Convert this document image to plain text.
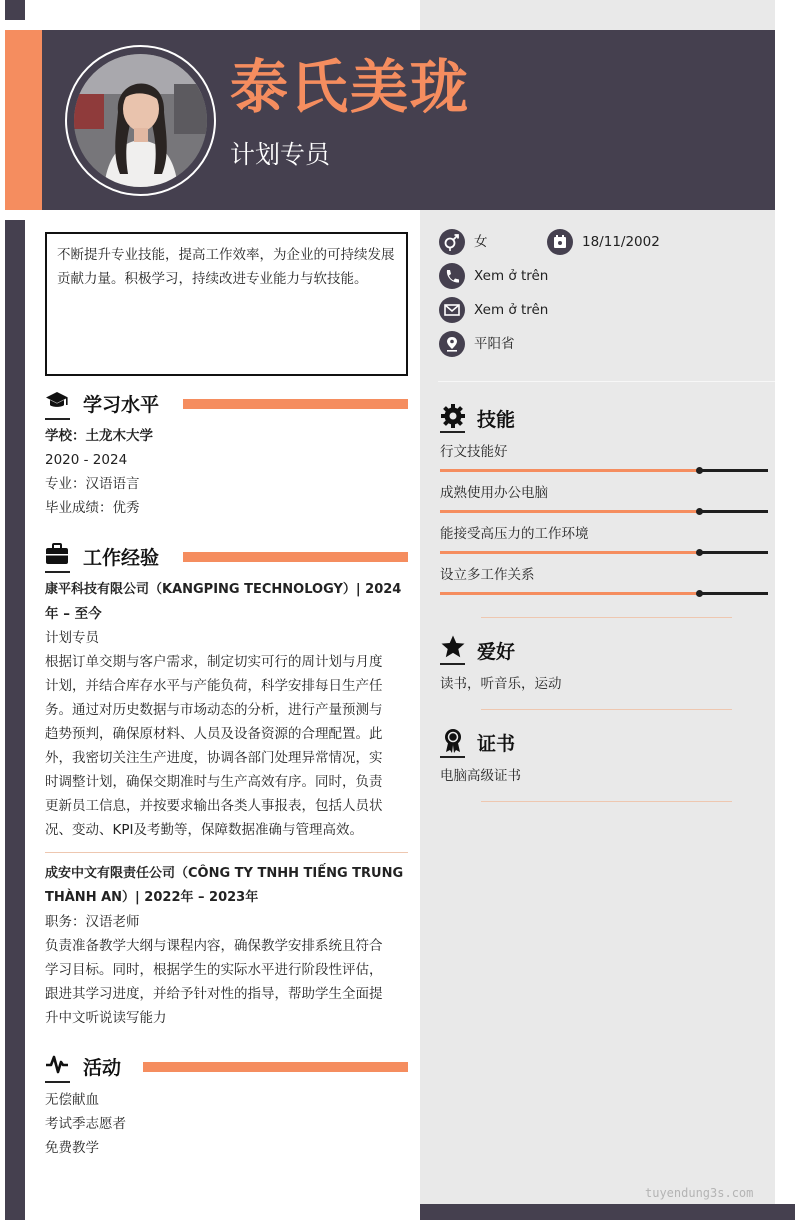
泰氏美珑
计划专员
不断提升专业技能，提高工作效率，为企业的可持续发展贡献力量。积极学习，持续改进专业能力与软技能。
学习水平
学校：土龙木大学
2020 - 2024
专业：汉语语言
毕业成绩：优秀
工作经验
康平科技有限公司（KANGPING TECHNOLOGY）| 2024
年 – 至今
计划专员
根据订单交期与客户需求，制定切实可行的周计划与月度
计划，并结合库存水平与产能负荷，科学安排每日生产任
务。通过对历史数据与市场动态的分析，进行产量预测与
趋势预判，确保原材料、人员及设备资源的合理配置。此
外，我密切关注生产进度，协调各部门处理异常情况，实
时调整计划，确保交期准时与生产高效有序。同时，负责
更新员工信息，并按要求输出各类人事报表，包括人员状
况、变动、KPI及考勤等，保障数据准确与管理高效。
成安中文有限责任公司（CÔNG TY TNHH TIẾNG TRUNG
THÀNH AN）| 2022年 – 2023年
职务：汉语老师
负责准备教学大纲与课程内容，确保教学安排系统且符合
学习目标。同时，根据学生的实际水平进行阶段性评估，
跟进其学习进度，并给予针对性的指导，帮助学生全面提
升中文听说读写能力
活动
无偿献血
考试季志愿者
免费教学
女	18/11/2002
Xem ở trên
Xem ở trên
平阳省
技能
行文技能好
成熟使用办公电脑
能接受高压力的工作环境
设立多工作关系
爱好
读书，听音乐，运动
证书
电脑高级证书
tuyendung3s.com
